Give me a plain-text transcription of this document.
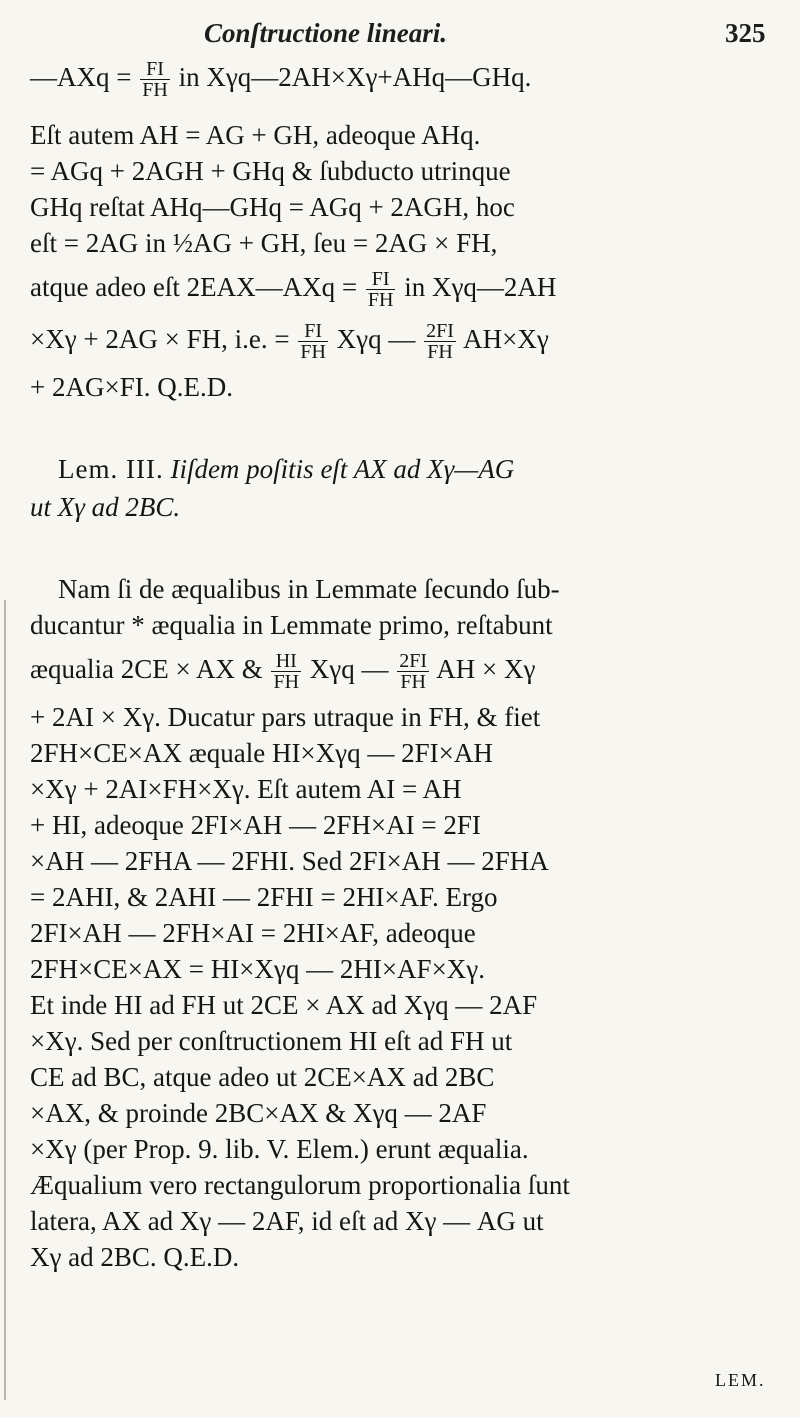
Conſtructione lineari.	325
—AXq = $\frac{FI}{FH}$ in Xγq—2AH×Xγ+AHq—GHq.
Eſt autem AH = AG + GH, adeoque AHq.
= AGq + 2AGH + GHq & ſubducto utrinque
GHq reſtat AHq—GHq = AGq + 2AGH, hoc
eſt = 2AG in ½AG + GH, ſeu = 2AG × FH,
atque adeo eſt 2EAX—AXq = $\frac{FI}{FH}$ in Xγq—2AH
×Xγ + 2AG × FH, i.e. = $\frac{FI}{FH}$ Xγq — $\frac{2FI}{FH} AH\times X\gamma$
+ 2AG×FI. Q.E.D.
Lem. III. Iiſdem poſitis eſt AX ad Xγ—AG
ut Xγ ad 2BC.
Nam ſi de æqualibus in Lemmate ſecundo ſub-
ducantur * æqualia in Lemmate primo, reſtabunt
æqualia 2CE × AX & $\frac{HI}{FH}$ Xγq — $\frac{2FI}{FH}$ AH × Xγ
+ 2AI × Xγ. Ducatur pars utraque in FH, & fiet
2FH×CE×AX æquale HI×Xγq — 2FI×AH
×Xγ + 2AI×FH×Xγ. Eſt autem AI = AH
+ HI, adeoque 2FI×AH — 2FH×AI = 2FI
×AH — 2FHA — 2FHI. Sed 2FI×AH — 2FHA
= 2AHI, & 2AHI — 2FHI = 2HI×AF. Ergo
2FI×AH — 2FH×AI = 2HI×AF, adeoque
2FH×CE×AX = HI×Xγq — 2HI×AF×Xγ.
Et inde HI ad FH ut 2CE × AX ad Xγq — 2AF
×Xγ. Sed per conſtructionem HI eſt ad FH ut
CE ad BC, atque adeo ut 2CE×AX ad 2BC
×AX, & proinde 2BC×AX & Xγq — 2AF
×Xγ (per Prop. 9. lib. V. Elem.) erunt æqualia.
Æqualium vero rectangulorum proportionalia ſunt
latera, AX ad Xγ — 2AF, id eſt ad Xγ — AG ut
Xγ ad 2BC. Q.E.D.
LEM.
